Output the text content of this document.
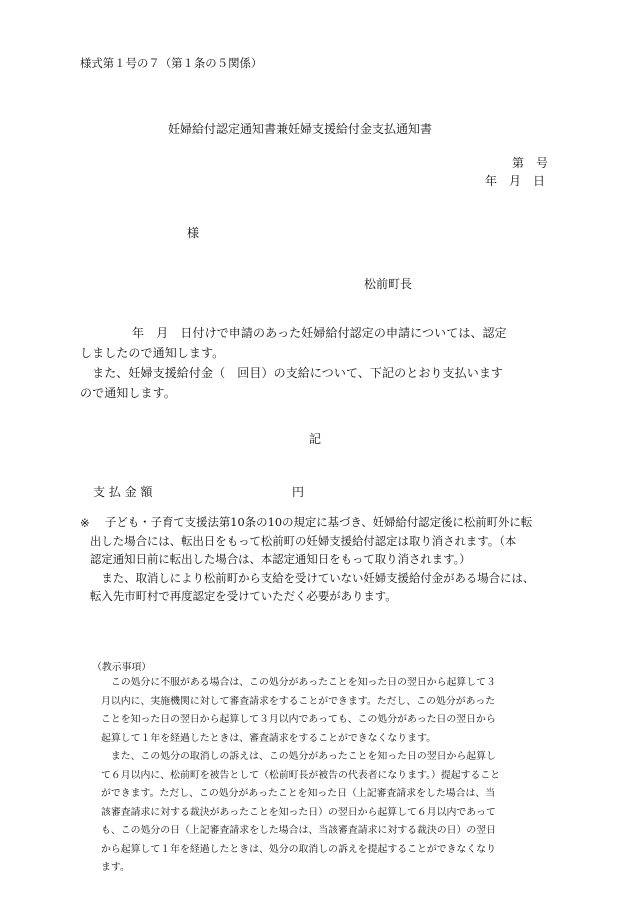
様式第１号の７（第１条の５関係）
妊婦給付認定通知書兼妊婦支援給付金支払通知書
第　号
年　月　日
様
松前町長
年　月　日付けで申請のあった妊婦給付認定の申請については、認定
しましたので通知します。
　また、妊婦支援給付金（　回目）の支給について、下記のとおり支払います
ので通知します。
記
支 払 金 額	円
※	子ども・子育て支援法第10条の10の規定に基づき、妊婦給付認定後に松前町外に転
出した場合には、転出日をもって松前町の妊婦支援給付認定は取り消されます。（本
認定通知日前に転出した場合は、本認定通知日をもって取り消されます。）
　また、取消しにより松前町から支給を受けていない妊婦支援給付金がある場合には、
転入先市町村で再度認定を受けていただく必要があります。
（教示事項）
　この処分に不服がある場合は、この処分があったことを知った日の翌日から起算して３
月以内に、実施機関に対して審査請求をすることができます。ただし、この処分があった
ことを知った日の翌日から起算して３月以内であっても、この処分があった日の翌日から
起算して１年を経過したときは、審査請求をすることができなくなります。
　また、この処分の取消しの訴えは、この処分があったことを知った日の翌日から起算し
て６月以内に、松前町を被告として（松前町長が被告の代表者になります。）提起すること
ができます。ただし、この処分があったことを知った日（上記審査請求をした場合は、当
該審査請求に対する裁決があったことを知った日）の翌日から起算して６月以内であって
も、この処分の日（上記審査請求をした場合は、当該審査請求に対する裁決の日）の翌日
から起算して１年を経過したときは、処分の取消しの訴えを提起することができなくなり
ます。
